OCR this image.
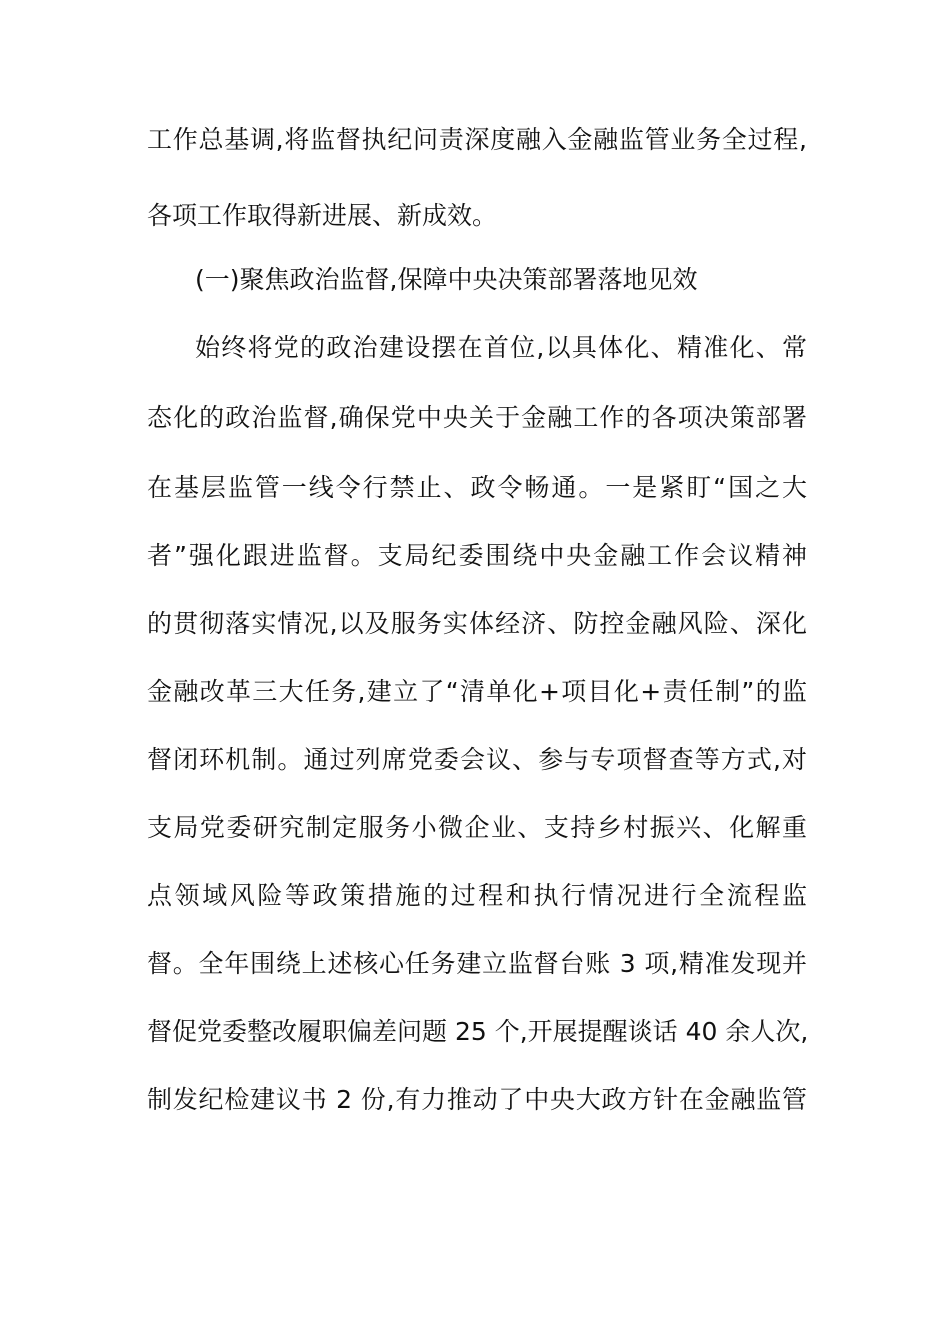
工作总基调,将监督执纪问责深度融入金融监管业务全过程,

各项工作取得新进展、新成效。

(一)聚焦政治监督,保障中央决策部署落地见效

始终将党的政治建设摆在首位,以具体化、精准化、常

态化的政治监督,确保党中央关于金融工作的各项决策部署

在基层监管一线令行禁止、政令畅通。一是紧盯“国之大

者”强化跟进监督。支局纪委围绕中央金融工作会议精神

的贯彻落实情况,以及服务实体经济、防控金融风险、深化

金融改革三大任务,建立了“清单化+项目化+责任制”的监

督闭环机制。通过列席党委会议、参与专项督查等方式,对

支局党委研究制定服务小微企业、支持乡村振兴、化解重

点领域风险等政策措施的过程和执行情况进行全流程监

督。全年围绕上述核心任务建立监督台账 3 项,精准发现并

督促党委整改履职偏差问题 25 个,开展提醒谈话 40 余人次,

制发纪检建议书 2 份,有力推动了中央大政方针在金融监管
